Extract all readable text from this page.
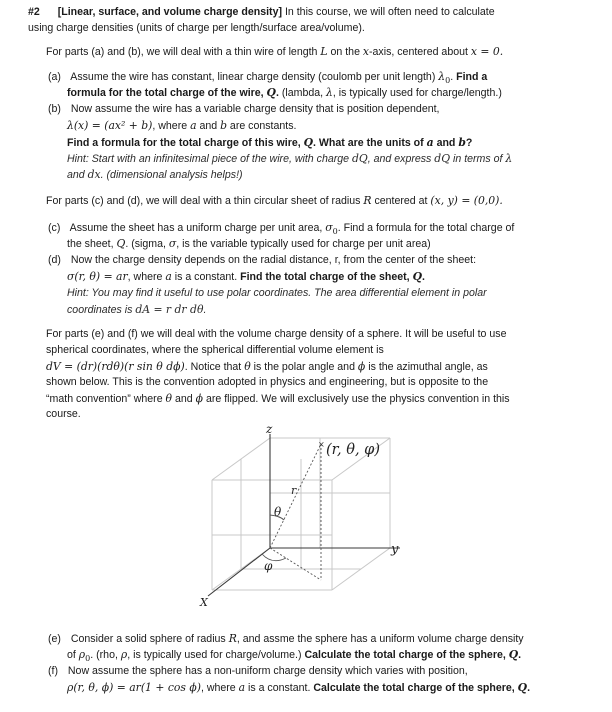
#2 [Linear, surface, and volume charge density] In this course, we will often need to calculate
using charge densities (units of charge per length/surface area/volume).
For parts (a) and (b), we will deal with a thin wire of length L on the x-axis, centered about x = 0.
(a) Assume the wire has constant, linear charge density (coulomb per unit length) $\lambda_0$. Find a
formula for the total charge of the wire, Q. (lambda, λ, is typically used for charge/length.)
(b) Now assume the wire has a variable charge density that is position dependent,
λ(x) = (ax² + b), where a and b are constants.
Find a formula for the total charge of this wire, Q. What are the units of a and b?
Hint: Start with an infinitesimal piece of the wire, with charge dQ, and express dQ in terms of λ
and dx. (dimensional analysis helps!)
For parts (c) and (d), we will deal with a thin circular sheet of radius R centered at (x, y) = (0,0).
(c) Assume the sheet has a uniform charge per unit area, $\sigma_0$. Find a formula for the total charge of
the sheet, Q. (sigma, σ, is the variable typically used for charge per unit area)
(d) Now the charge density depends on the radial distance, r, from the center of the sheet:
σ(r, θ) = ar, where a is a constant. Find the total charge of the sheet, Q.
Hint: You may find it useful to use polar coordinates. The area differential element in polar
coordinates is dA = r dr dθ.
For parts (e) and (f) we will deal with the volume charge density of a sphere. It will be useful to use
spherical coordinates, where the spherical differential volume element is
dV = (dr)(rdθ)(r sin θ dϕ). Notice that θ is the polar angle and ϕ is the azimuthal angle, as
shown below. This is the convention adopted in physics and engineering, but is opposite to the
“math convention” where θ and ϕ are flipped. We will exclusively use the physics convention in this
course.
×
z
y
X
(r, θ, φ)
r
θ
φ
(e) Consider a solid sphere of radius R, and assme the sphere has a uniform volume charge density
of $\rho_0$. (rho, ρ, is typically used for charge/volume.) Calculate the total charge of the sphere, Q.
(f) Now assume the sphere has a non-uniform charge density which varies with position,
ρ(r, θ, ϕ) = ar(1 + cos ϕ), where a is a constant. Calculate the total charge of the sphere, Q.
